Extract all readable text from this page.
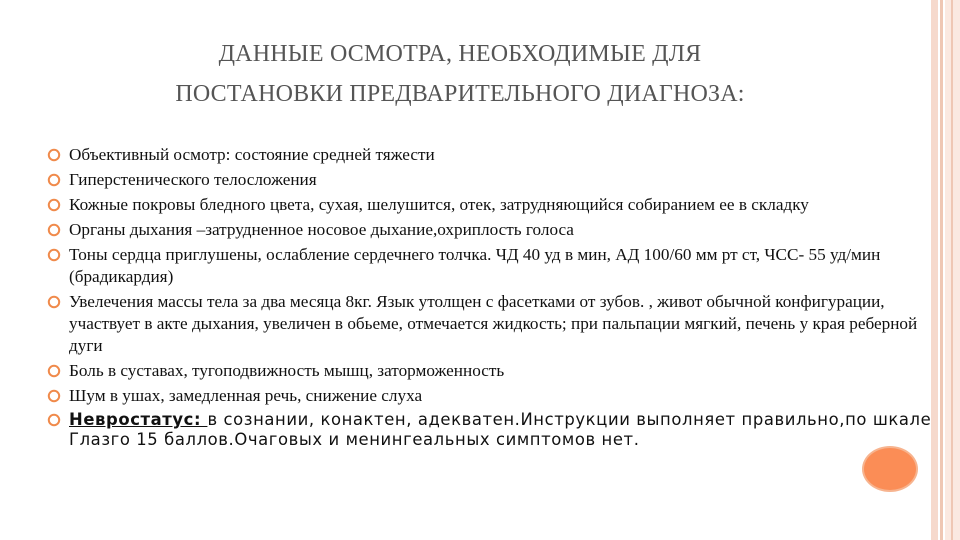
ДАННЫЕ ОСМОТРА, НЕОБХОДИМЫЕ ДЛЯ
ПОСТАНОВКИ ПРЕДВАРИТЕЛЬНОГО ДИАГНОЗА:
Объективный осмотр: состояние средней тяжести
Гиперстенического телосложения
Кожные покровы бледного цвета, сухая, шелушится, отек, затрудняющийся собиранием ее в складку
Органы дыхания –затрудненное носовое дыхание,охриплость голоса
Тоны сердца приглушены, ослабление сердечнего толчка. ЧД 40 уд в мин, АД 100/60 мм рт ст, ЧСС- 55 уд/мин (брадикардия)
Увелечения массы тела за два месяца 8кг. Язык утолщен с фасетками от зубов. , живот обычной конфигурации, участвует в акте дыхания, увеличен в обьеме, отмечается жидкость; при пальпации мягкий, печень у края реберной дуги
Боль в суставах, тугоподвижность мышц, заторможенность
Шум в ушах, замедленная речь, снижение слуха
Невростатус: в сознании, конактен, адекватен.Инструкции выполняет правильно,по шкале Глазго 15 баллов.Очаговых и менингеальных симптомов нет.
